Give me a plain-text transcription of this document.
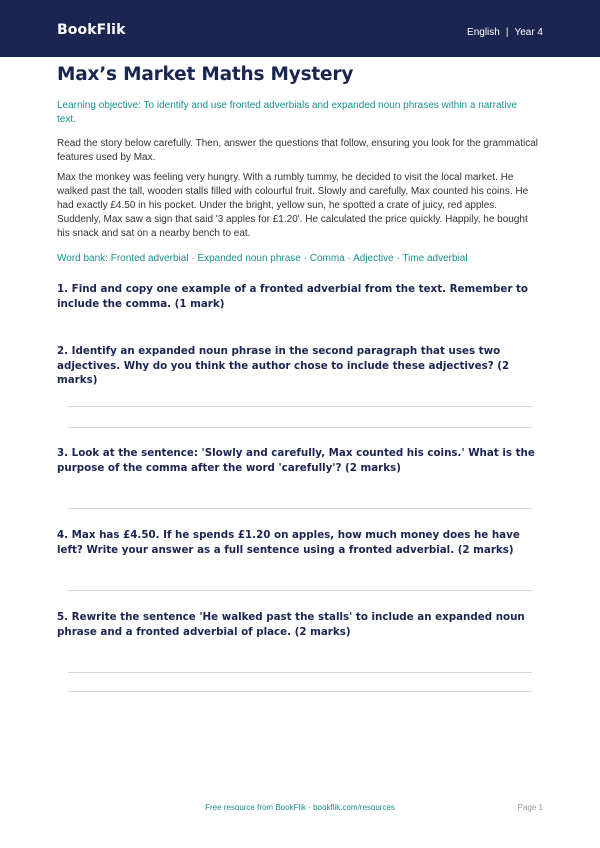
BookFlik	English | Year 4
Max’s Market Maths Mystery

Learning objective: To identify and use fronted adverbials and expanded noun phrases within a narrative text.

Read the story below carefully. Then, answer the questions that follow, ensuring you look for the grammatical features used by Max.

Max the monkey was feeling very hungry. With a rumbly tummy, he decided to visit the local market. He walked past the tall, wooden stalls filled with colourful fruit. Slowly and carefully, Max counted his coins. He had exactly £4.50 in his pocket. Under the bright, yellow sun, he spotted a crate of juicy, red apples. Suddenly, Max saw a sign that said '3 apples for £1.20'. He calculated the price quickly. Happily, he bought his snack and sat on a nearby bench to eat.

Word bank: Fronted adverbial · Expanded noun phrase · Comma · Adjective · Time adverbial

1. Find and copy one example of a fronted adverbial from the text. Remember to include the comma. (1 mark)

2. Identify an expanded noun phrase in the second paragraph that uses two adjectives. Why do you think the author chose to include these adjectives? (2 marks)

3. Look at the sentence: 'Slowly and carefully, Max counted his coins.' What is the purpose of the comma after the word 'carefully'? (2 marks)

4. Max has £4.50. If he spends £1.20 on apples, how much money does he have left? Write your answer as a full sentence using a fronted adverbial. (2 marks)

5. Rewrite the sentence 'He walked past the stalls' to include an expanded noun phrase and a fronted adverbial of place. (2 marks)

Free resource from BookFlik · bookflik.com/resources	Page 1
